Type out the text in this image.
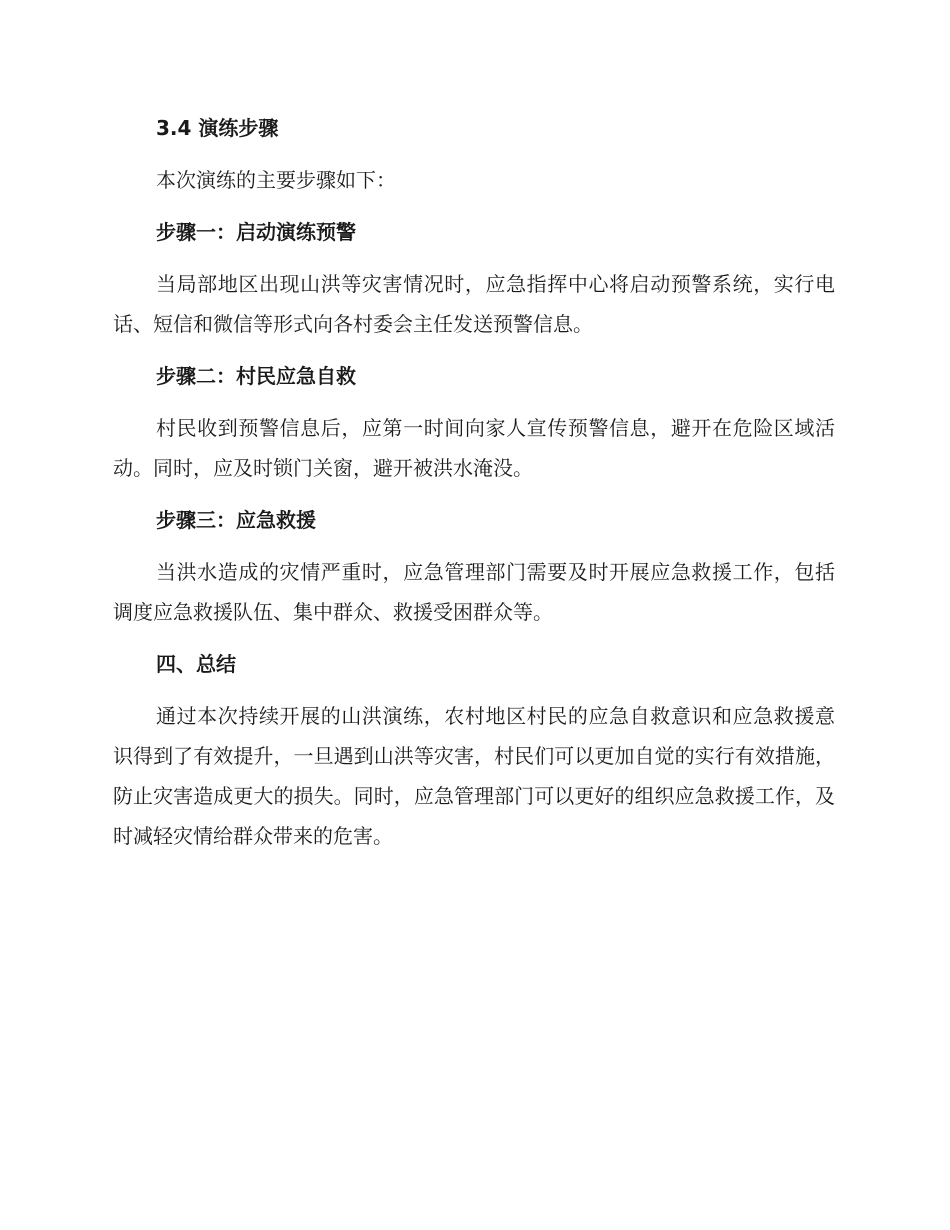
3.4 演练步骤

本次演练的主要步骤如下：

步骤一：启动演练预警

当局部地区出现山洪等灾害情况时，应急指挥中心将启动预警系统，实行电话、短信和微信等形式向各村委会主任发送预警信息。

步骤二：村民应急自救

村民收到预警信息后，应第一时间向家人宣传预警信息，避开在危险区域活动。同时，应及时锁门关窗，避开被洪水淹没。

步骤三：应急救援

当洪水造成的灾情严重时，应急管理部门需要及时开展应急救援工作，包括调度应急救援队伍、集中群众、救援受困群众等。

四、总结

通过本次持续开展的山洪演练，农村地区村民的应急自救意识和应急救援意识得到了有效提升，一旦遇到山洪等灾害，村民们可以更加自觉的实行有效措施，防止灾害造成更大的损失。同时，应急管理部门可以更好的组织应急救援工作，及时减轻灾情给群众带来的危害。
